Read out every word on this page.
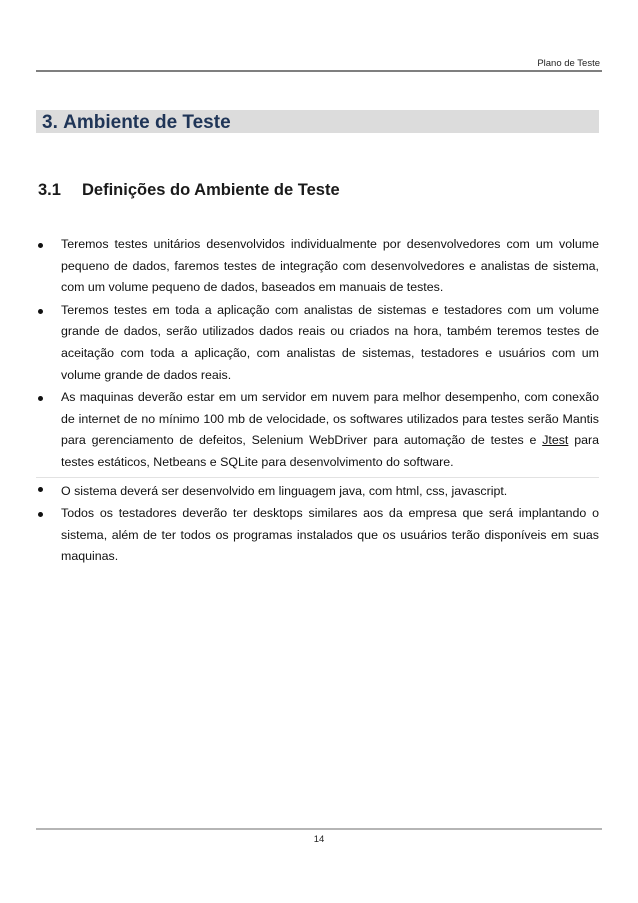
Plano de Teste
3. Ambiente de Teste
3.1 Definições do Ambiente de Teste
Teremos testes unitários desenvolvidos individualmente por desenvolvedores com um volume pequeno de dados, faremos testes de integração com desenvolvedores e analistas de sistema, com um volume pequeno de dados, baseados em manuais de testes.
Teremos testes em toda a aplicação com analistas de sistemas e testadores com um volume grande de dados, serão utilizados dados reais ou criados na hora, também teremos testes de aceitação com toda a aplicação, com analistas de sistemas, testadores e usuários com um volume grande de dados reais.
As maquinas deverão estar em um servidor em nuvem para melhor desempenho, com conexão de internet de no mínimo 100 mb de velocidade, os softwares utilizados para testes serão Mantis para gerenciamento de defeitos, Selenium WebDriver para automação de testes e Jtest para testes estáticos, Netbeans e SQLite para desenvolvimento do software.
O sistema deverá ser desenvolvido em linguagem java, com html, css, javascript.
Todos os testadores deverão ter desktops similares aos da empresa que será implantando o sistema, além de ter todos os programas instalados que os usuários terão disponíveis em suas maquinas.
14
